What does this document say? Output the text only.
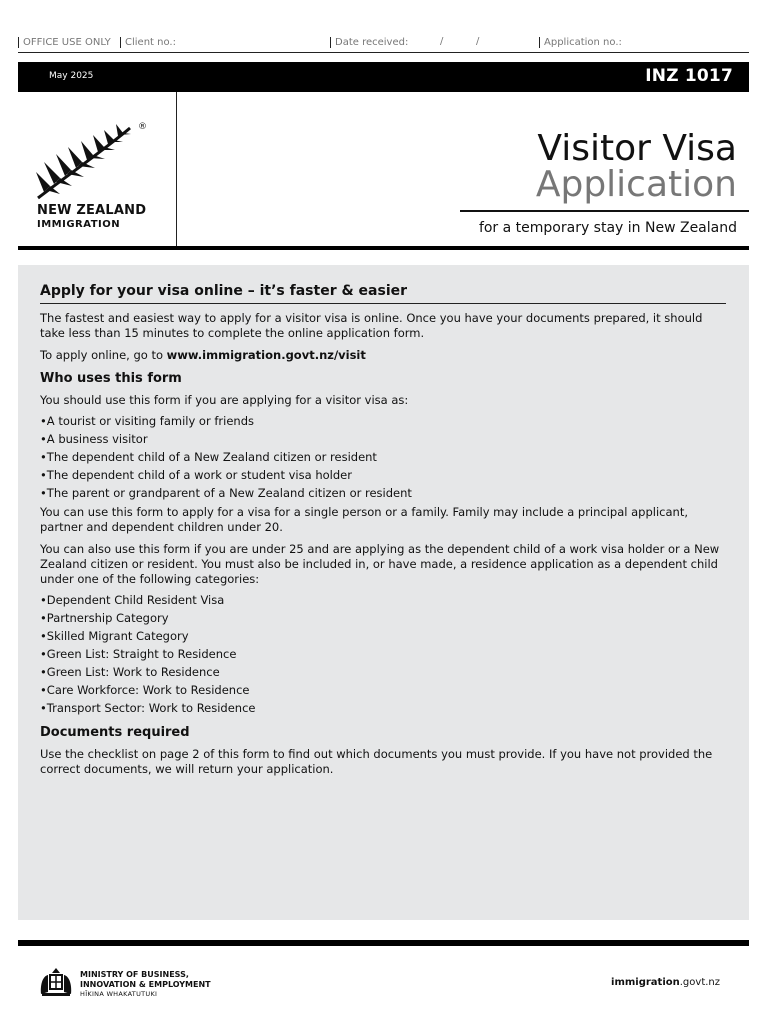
OFFICE USE ONLY	Client no.:	Date received:	/	/	Application no.:
May 2025	INZ 1017
®
NEW ZEALAND
IMMIGRATION
Visitor Visa
Application
for a temporary stay in New Zealand
Apply for your visa online – it’s faster & easier
The fastest and easiest way to apply for a visitor visa is online. Once you have your documents prepared, it should take less than 15 minutes to complete the online application form.
To apply online, go to www.immigration.govt.nz/visit
Who uses this form
You should use this form if you are applying for a visitor visa as:
• A tourist or visiting family or friends
• A business visitor
• The dependent child of a New Zealand citizen or resident
• The dependent child of a work or student visa holder
• The parent or grandparent of a New Zealand citizen or resident
You can use this form to apply for a visa for a single person or a family. Family may include a principal applicant, partner and dependent children under 20.
You can also use this form if you are under 25 and are applying as the dependent child of a work visa holder or a New Zealand citizen or resident. You must also be included in, or have made, a residence application as a dependent child under one of the following categories:
• Dependent Child Resident Visa
• Partnership Category
• Skilled Migrant Category
• Green List: Straight to Residence
• Green List: Work to Residence
• Care Workforce: Work to Residence
• Transport Sector: Work to Residence
Documents required
Use the checklist on page 2 of this form to find out which documents you must provide. If you have not provided the correct documents, we will return your application.
MINISTRY OF BUSINESS,
INNOVATION & EMPLOYMENT
HĪKINA WHAKATUTUKI
immigration.govt.nz
